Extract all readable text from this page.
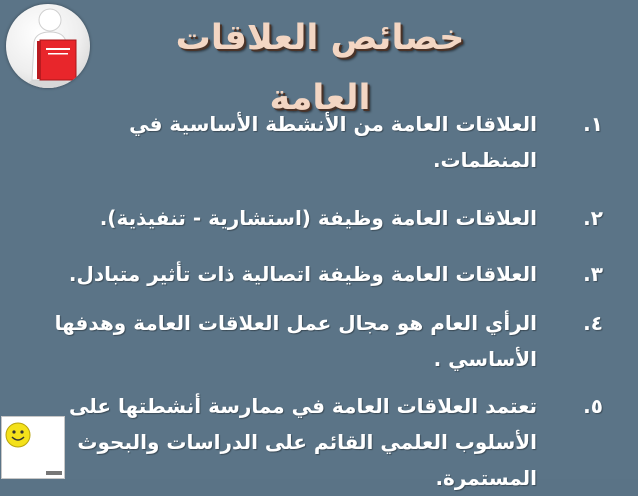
خصائص العلاقات العامة
١.
العلاقات العامة من الأنشطة الأساسية في المنظمات.
٢.
العلاقات العامة وظيفة (استشارية - تنفيذية).
٣.
العلاقات العامة وظيفة اتصالية ذات تأثير متبادل.
٤.
الرأي العام هو مجال عمل العلاقات العامة وهدفها الأساسي .
٥.
تعتمد العلاقات العامة في ممارسة أنشطتها على الأسلوب العلمي القائم على الدراسات والبحوث المستمرة.
